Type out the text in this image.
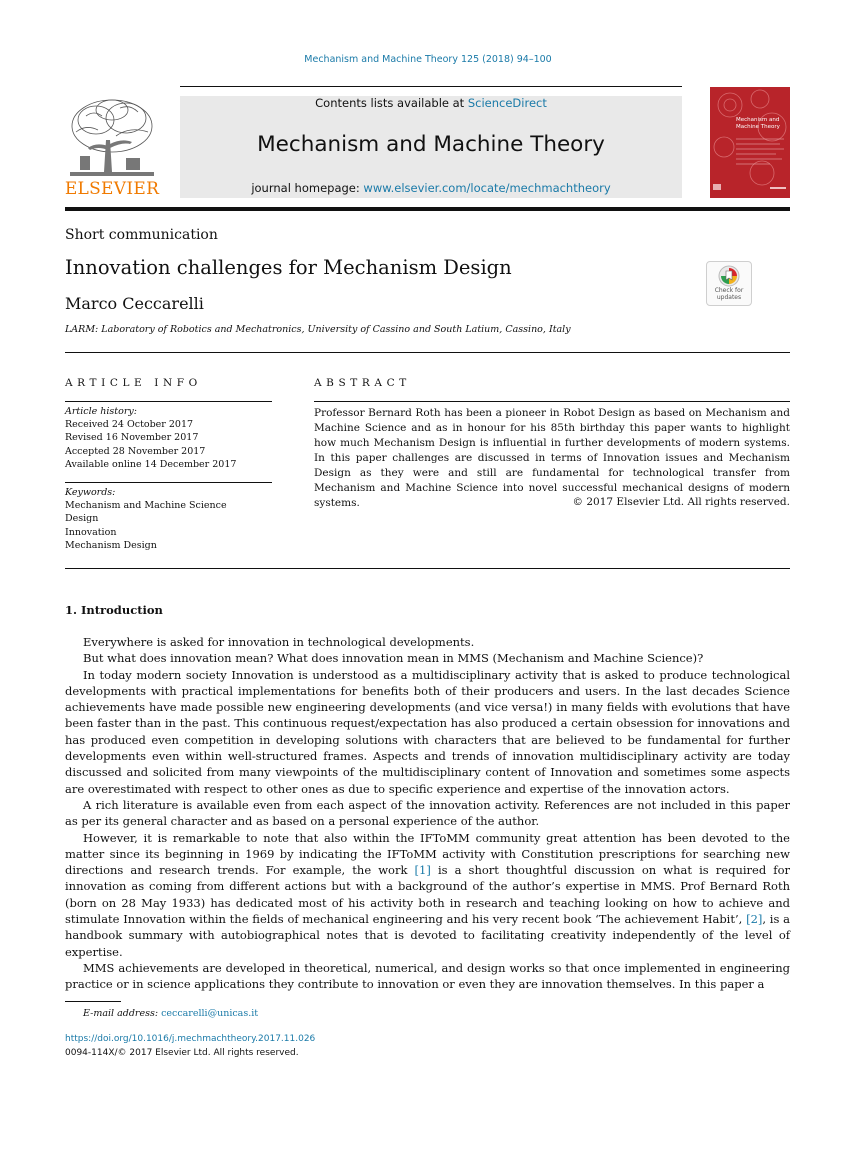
Mechanism and Machine Theory 125 (2018) 94–100
ELSEVIER
Contents lists available at ScienceDirect
Mechanism and Machine Theory
journal homepage: www.elsevier.com/locate/mechmachtheory
Mechanism and Machine Theory
Short communication
Innovation challenges for Mechanism Design
Check for updates
Marco Ceccarelli
LARM: Laboratory of Robotics and Mechatronics, University of Cassino and South Latium, Cassino, Italy
ARTICLE INFO	ABSTRACT
Article history:
Received 24 October 2017
Revised 16 November 2017
Accepted 28 November 2017
Available online 14 December 2017
Keywords:
Mechanism and Machine Science
Design
Innovation
Mechanism Design
Professor Bernard Roth has been a pioneer in Robot Design as based on Mechanism and Machine Science and as in honour for his 85th birthday this paper wants to highlight how much Mechanism Design is influential in further developments of modern systems. In this paper challenges are discussed in terms of Innovation issues and Mechanism Design as they were and still are fundamental for technological transfer from Mechanism and Machine Science into novel successful mechanical designs of modern systems.	© 2017 Elsevier Ltd. All rights reserved.
1. Introduction

Everywhere is asked for innovation in technological developments.

But what does innovation mean? What does innovation mean in MMS (Mechanism and Machine Science)?

In today modern society Innovation is understood as a multidisciplinary activity that is asked to produce technological developments with practical implementations for benefits both of their producers and users. In the last decades Science achievements have made possible new engineering developments (and vice versa!) in many fields with evolutions that have been faster than in the past. This continuous request/expectation has also produced a certain obsession for innovations and has produced even competition in developing solutions with characters that are believed to be fundamental for further developments even within well-structured frames. Aspects and trends of innovation multidisciplinary activity are today discussed and solicited from many viewpoints of the multidisciplinary content of Innovation and sometimes some aspects are overestimated with respect to other ones as due to specific experience and expertise of the innovation actors.

A rich literature is available even from each aspect of the innovation activity. References are not included in this paper as per its general character and as based on a personal experience of the author.

However, it is remarkable to note that also within the IFToMM community great attention has been devoted to the matter since its beginning in 1969 by indicating the IFToMM activity with Constitution prescriptions for searching new directions and research trends. For example, the work [1] is a short thoughtful discussion on what is required for innovation as coming from different actions but with a background of the author’s expertise in MMS. Prof Bernard Roth (born on 28 May 1933) has dedicated most of his activity both in research and teaching looking on how to achieve and stimulate Innovation within the fields of mechanical engineering and his very recent book ‘The achievement Habit’, [2], is a handbook summary with autobiographical notes that is devoted to facilitating creativity independently of the level of expertise.

MMS achievements are developed in theoretical, numerical, and design works so that once implemented in engineering practice or in science applications they contribute to innovation or even they are innovation themselves. In this paper a

E-mail address: ceccarelli@unicas.it
https://doi.org/10.1016/j.mechmachtheory.2017.11.026
0094-114X/© 2017 Elsevier Ltd. All rights reserved.
